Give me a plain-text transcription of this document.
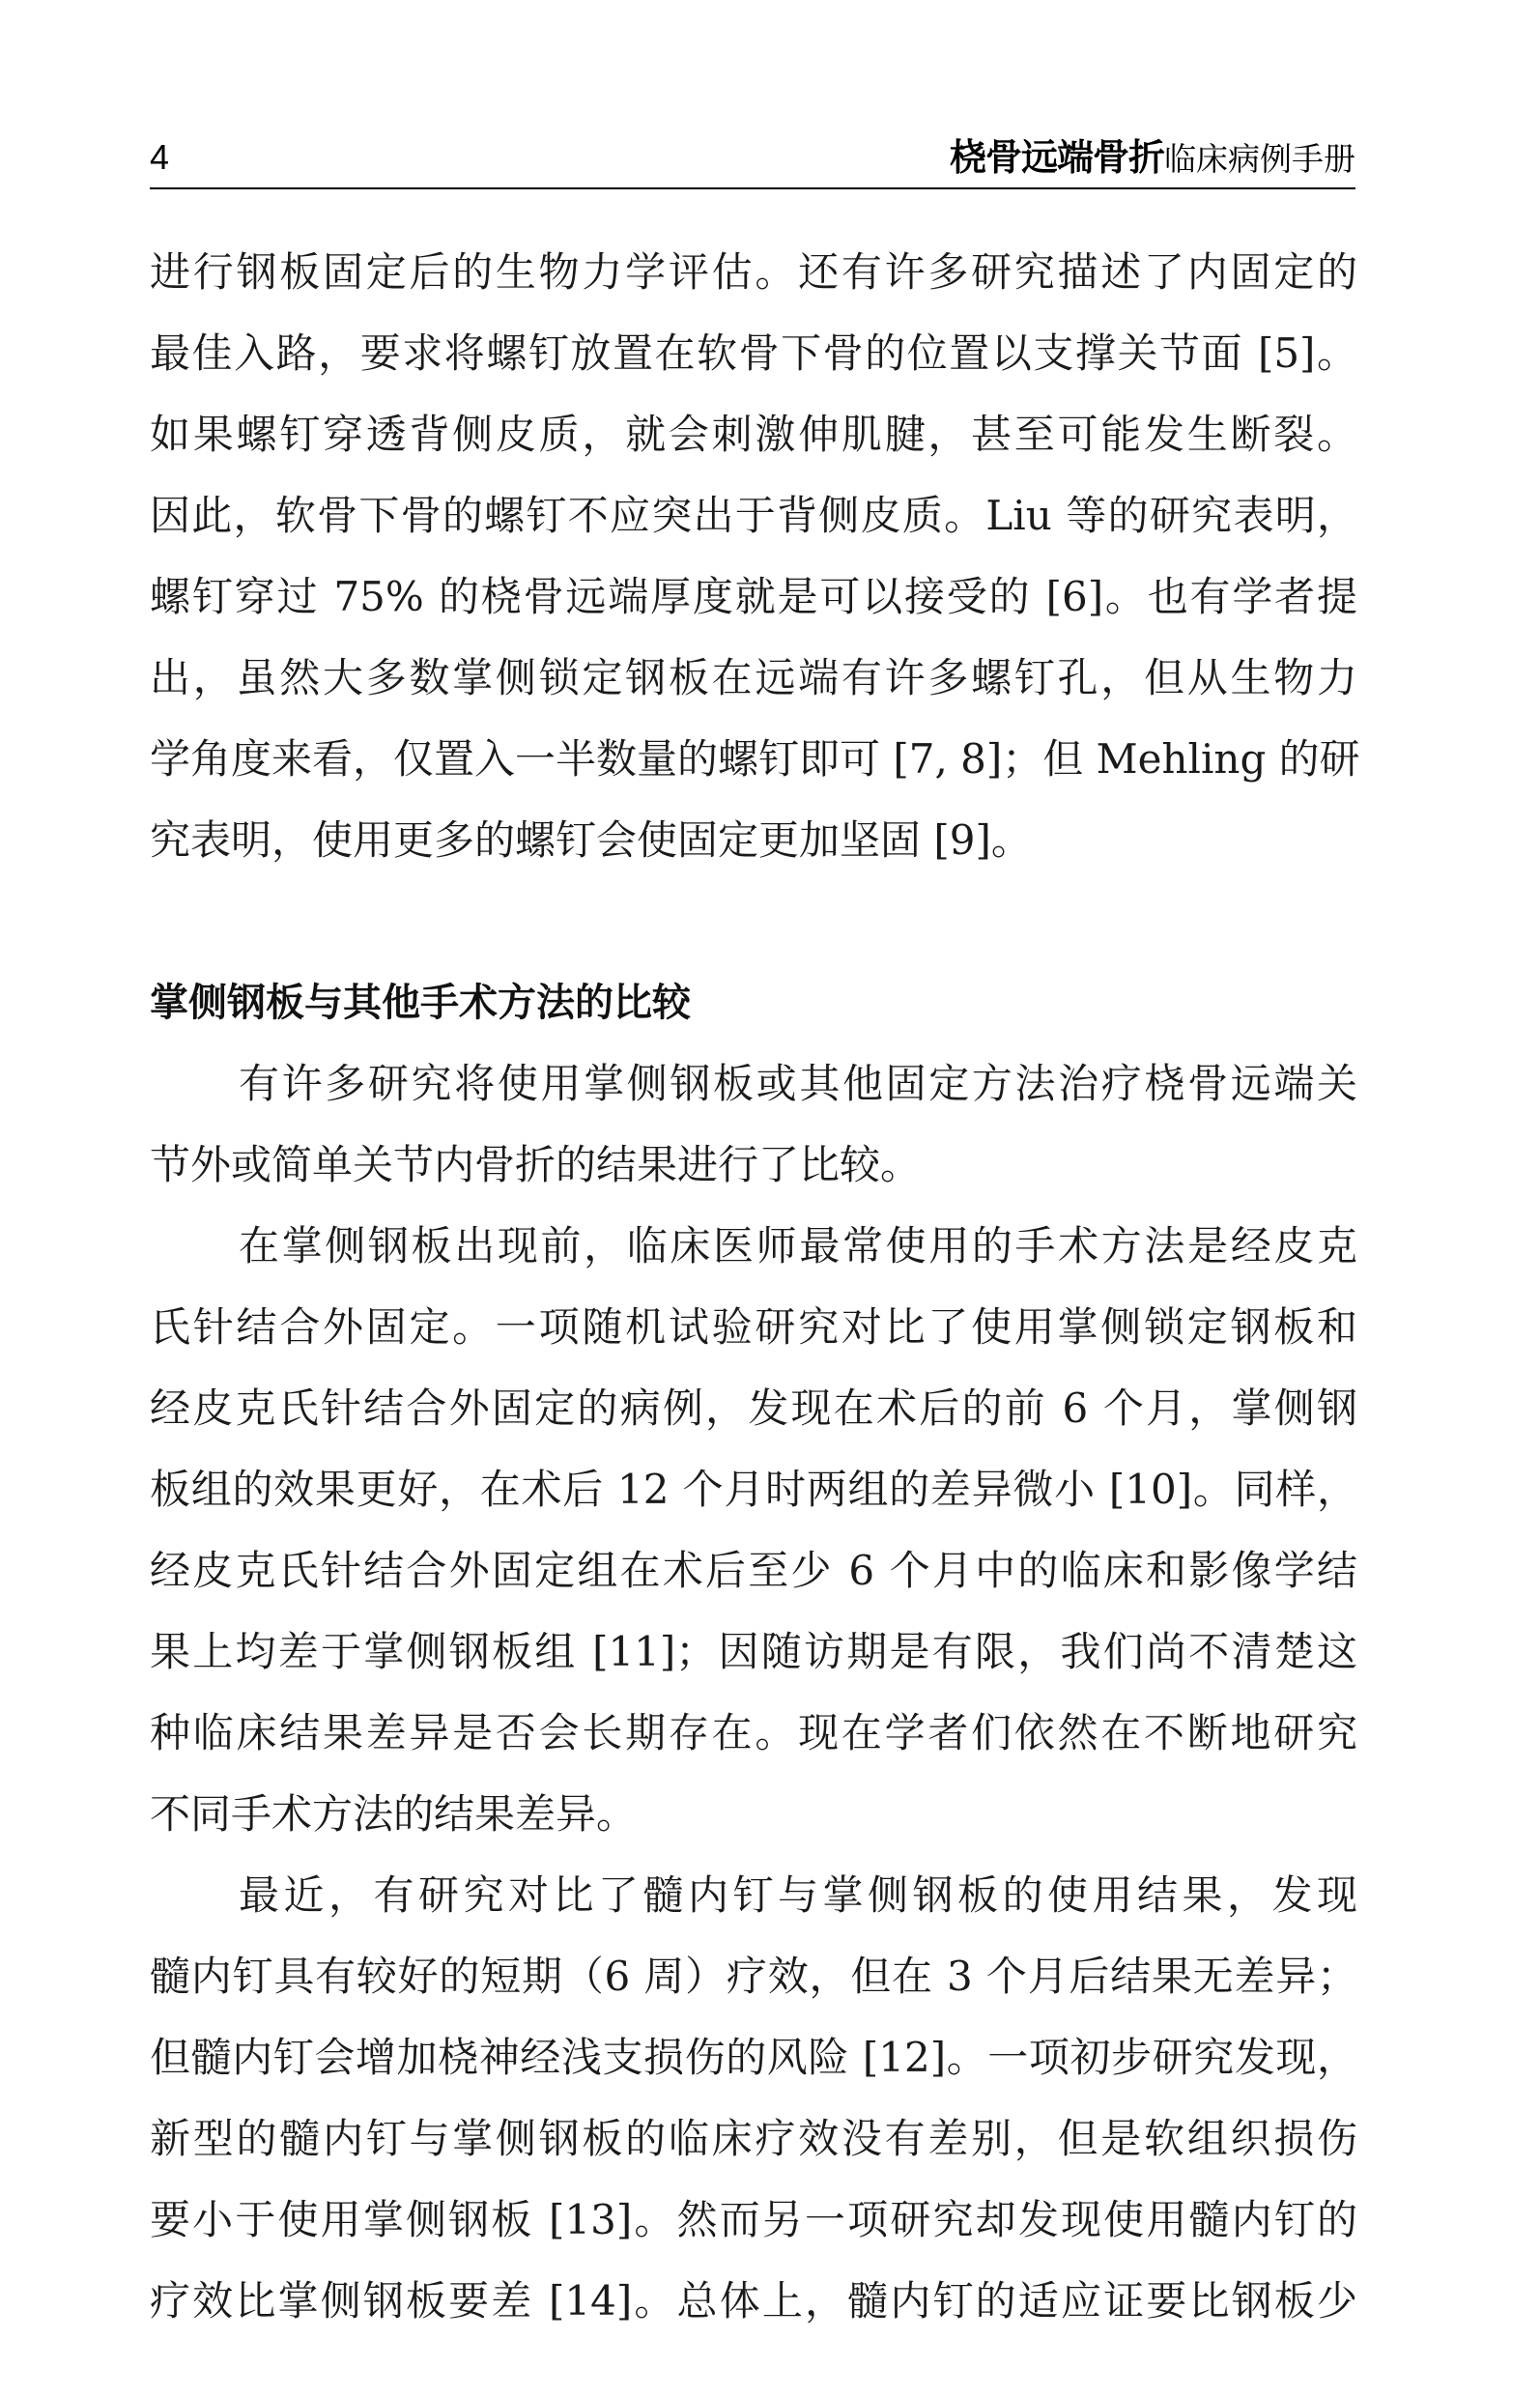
4	桡骨远端骨折临床病例手册
进行钢板固定后的生物力学评估。还有许多研究描述了内固定的
最佳入路，要求将螺钉放置在软骨下骨的位置以支撑关节面 [5]。
如果螺钉穿透背侧皮质，就会刺激伸肌腱，甚至可能发生断裂。
因此，软骨下骨的螺钉不应突出于背侧皮质。Liu 等的研究表明，
螺钉穿过 75% 的桡骨远端厚度就是可以接受的 [6]。也有学者提
出，虽然大多数掌侧锁定钢板在远端有许多螺钉孔，但从生物力
学角度来看，仅置入一半数量的螺钉即可 [7, 8]；但 Mehling 的研
究表明，使用更多的螺钉会使固定更加坚固 [9]。
掌侧钢板与其他手术方法的比较
有许多研究将使用掌侧钢板或其他固定方法治疗桡骨远端关
节外或简单关节内骨折的结果进行了比较。
在掌侧钢板出现前，临床医师最常使用的手术方法是经皮克
氏针结合外固定。一项随机试验研究对比了使用掌侧锁定钢板和
经皮克氏针结合外固定的病例，发现在术后的前 6 个月，掌侧钢
板组的效果更好，在术后 12 个月时两组的差异微小 [10]。同样，
经皮克氏针结合外固定组在术后至少 6 个月中的临床和影像学结
果上均差于掌侧钢板组 [11]；因随访期是有限，我们尚不清楚这
种临床结果差异是否会长期存在。现在学者们依然在不断地研究
不同手术方法的结果差异。
最近，有研究对比了髓内钉与掌侧钢板的使用结果，发现
髓内钉具有较好的短期（6 周）疗效，但在 3 个月后结果无差异；
但髓内钉会增加桡神经浅支损伤的风险 [12]。一项初步研究发现，
新型的髓内钉与掌侧钢板的临床疗效没有差别，但是软组织损伤
要小于使用掌侧钢板 [13]。然而另一项研究却发现使用髓内钉的
疗效比掌侧钢板要差 [14]。总体上，髓内钉的适应证要比钢板少
